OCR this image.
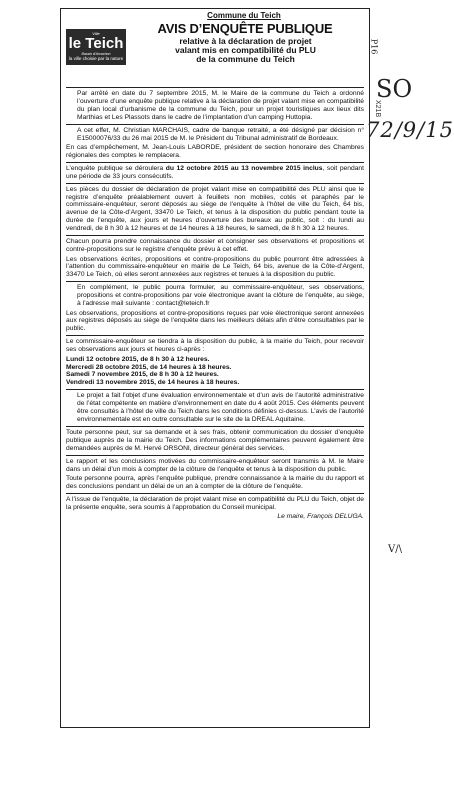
Ville
le Teich
Bassin d'Arcachon
la ville choisie par la nature
Commune du Teich
AVIS D’ENQUÊTE PUBLIQUE
relative à la déclaration de projet
valant mis en compatibilité du PLU
de la commune du Teich

Par arrêté en date du 7 septembre 2015, M. le Maire de la commune du Teich a ordonné l’ouverture d’une enquête publique relative à la déclaration de projet valant mise en compatibilité du plan local d’urbanisme de la commune du Teich, pour un projet touristiques aux lieux dits Marthias et Les Plassots dans le cadre de l’implantation d’un camping Huttopia.

A cet effet, M. Christian MARCHAIS, cadre de banque retraité, a été désigné par décision n° E15000076/33 du 26 mai 2015 de M. le Président du Tribunal administratif de Bordeaux.

En cas d’empêchement, M. Jean-Louis LABORDE, président de section honoraire des Chambres régionales des comptes le remplacera.

L’enquête publique se déroulera du 12 octobre 2015 au 13 novembre 2015 inclus, soit pendant une période de 33 jours consécutifs.

Les pièces du dossier de déclaration de projet valant mise en compatibilité des PLU ainsi que le registre d’enquête préalablement ouvert à feuillets non mobiles, cotés et paraphés par le commissaire-enquêteur, seront déposés au siège de l’enquête à l’hôtel de ville du Teich, 64 bis, avenue de la Côte-d’Argent, 33470 Le Teich, et tenus à la disposition du public pendant toute la durée de l’enquête, aux jours et heures d’ouverture des bureaux au public, soit : du lundi au vendredi, de 8 h 30 à 12 heures et de 14 heures à 18 heures, le samedi, de 8 h 30 à 12 heures.

Chacun pourra prendre connaissance du dossier et consigner ses observations et propositions et contre-propositions sur le registre d’enquête prévu à cet effet.

Les observations écrites, propositions et contre-propositions du public pourront être adressées à l’attention du commissaire-enquêteur en mairie de Le Teich, 64 bis, avenue de la Côte-d’Argent, 33470 Le Teich, où elles seront annexées aux registres et tenues à la disposition du public.

En complément, le public pourra formuler, au commissaire-enquêteur, ses observations, propositions et contre-propositions par voie électronique avant la clôture de l’enquête, au siège, à l’adresse mail suivante : contact@leteich.fr

Les observations, propositions et contre-propositions reçues par voie électronique seront annexées aux registres déposés au siège de l’enquête dans les meilleurs délais afin d’être consultables par le public.

Le commissaire-enquêteur se tiendra à la disposition du public, à la mairie du Teich, pour recevoir ses observations aux jours et heures ci-après :

Lundi 12 octobre 2015, de 8 h 30 à 12 heures.

Mercredi 28 octobre 2015, de 14 heures à 18 heures.

Samedi 7 novembre 2015, de 8 h 30 à 12 heures.

Vendredi 13 novembre 2015, de 14 heures à 18 heures.

Le projet a fait l’objet d’une évaluation environnementale et d’un avis de l’autorité administrative de l’état compétente en matière d’environnement en date du 4 août 2015. Ces éléments peuvent être consultés à l’hôtel de ville du Teich dans les conditions définies ci-dessus. L’avis de l’autorité environnementale est en outre consultable sur le site de la DREAL Aquitaine.

Toute personne peut, sur sa demande et à ses frais, obtenir communication du dossier d’enquête publique auprès de la mairie du Teich. Des informations complémentaires peuvent également être demandées auprès de M. Hervé ORSONI, directeur général des services.

Le rapport et les conclusions motivées du commissaire-enquêteur seront transmis à M. le Maire dans un délai d’un mois à compter de la clôture de l’enquête et tenus à la disposition du public.

Toute personne pourra, après l’enquête publique, prendre connaissance à la mairie du du rapport et des conclusions pendant un délai de un an à compter de la clôture de l’enquête.

A l’issue de l’enquête, la déclaration de projet valant mise en compatibilité du PLU du Teich, objet de la présente enquête, sera soumis à l’approbation du Conseil municipal.

Le maire, François DELUGA.

P16
SO
X21B
72/9/15
V/\
